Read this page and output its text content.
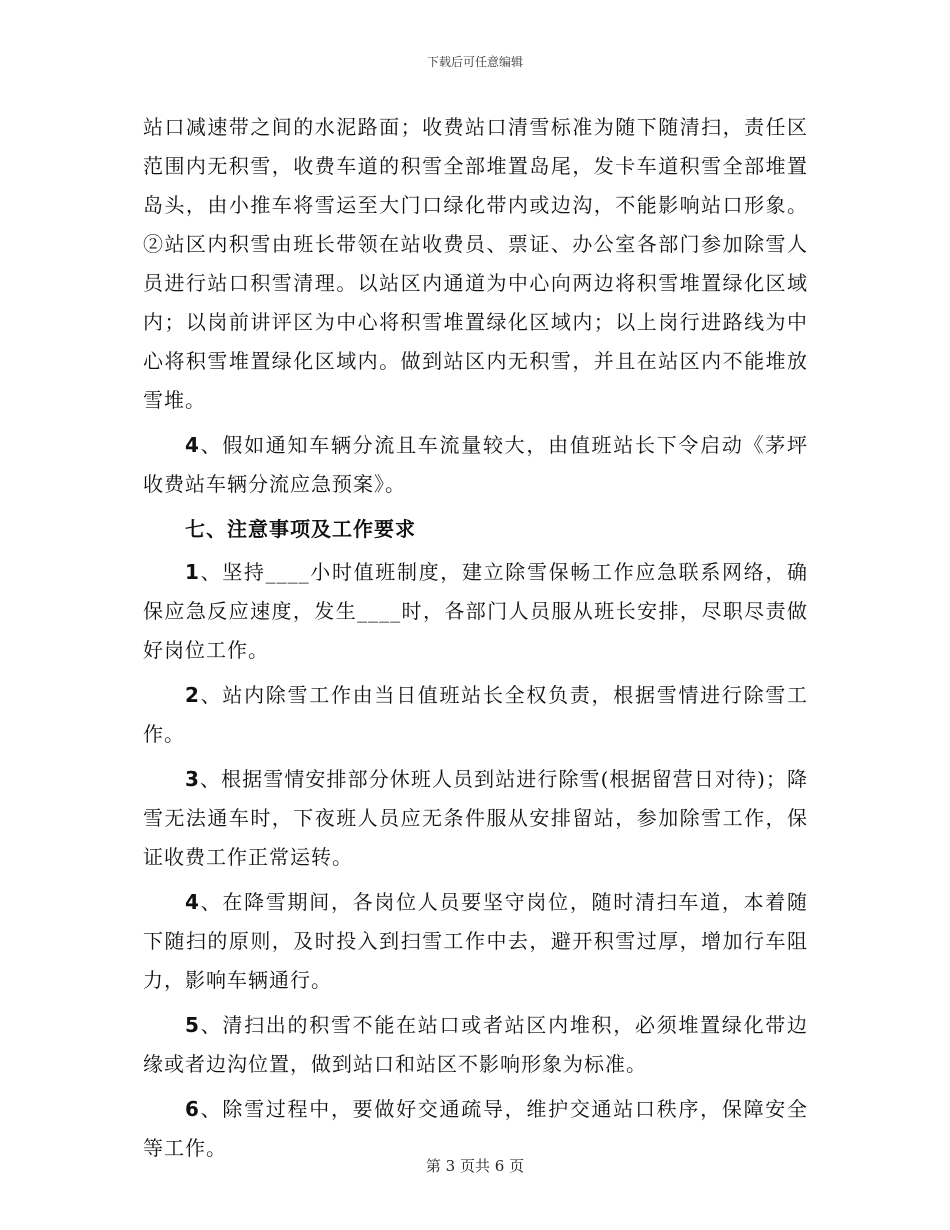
下载后可任意编辑

站口减速带之间的水泥路面；收费站口清雪标准为随下随清扫，责任区范围内无积雪，收费车道的积雪全部堆置岛尾，发卡车道积雪全部堆置岛头，由小推车将雪运至大门口绿化带内或边沟，不能影响站口形象。②站区内积雪由班长带领在站收费员、票证、办公室各部门参加除雪人员进行站口积雪清理。以站区内通道为中心向两边将积雪堆置绿化区域内；以岗前讲评区为中心将积雪堆置绿化区域内；以上岗行进路线为中心将积雪堆置绿化区域内。做到站区内无积雪，并且在站区内不能堆放雪堆。

4、假如通知车辆分流且车流量较大，由值班站长下令启动《茅坪收费站车辆分流应急预案》。

七、注意事项及工作要求

1、坚持____小时值班制度，建立除雪保畅工作应急联系网络，确保应急反应速度，发生____时，各部门人员服从班长安排，尽职尽责做好岗位工作。

2、站内除雪工作由当日值班站长全权负责，根据雪情进行除雪工作。

3、根据雪情安排部分休班人员到站进行除雪(根据留营日对待)；降雪无法通车时，下夜班人员应无条件服从安排留站，参加除雪工作，保证收费工作正常运转。

4、在降雪期间，各岗位人员要坚守岗位，随时清扫车道，本着随下随扫的原则，及时投入到扫雪工作中去，避开积雪过厚，增加行车阻力，影响车辆通行。

5、清扫出的积雪不能在站口或者站区内堆积，必须堆置绿化带边缘或者边沟位置，做到站口和站区不影响形象为标准。

6、除雪过程中，要做好交通疏导，维护交通站口秩序，保障安全等工作。

第 3 页共 6 页
